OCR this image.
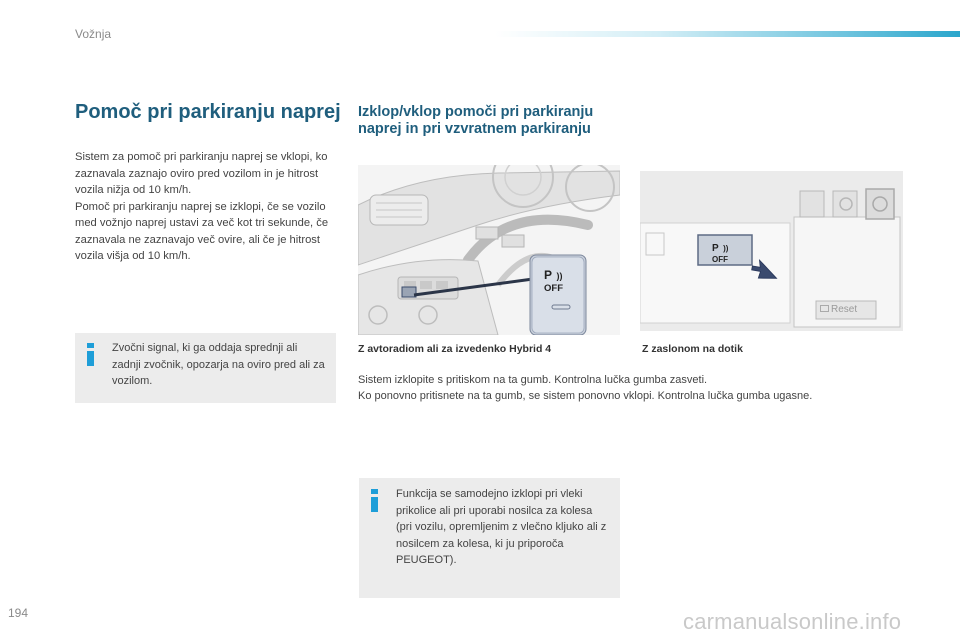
Vožnja
Pomoč pri parkiranju naprej

Sistem za pomoč pri parkiranju naprej se vklopi, ko zaznavala zaznajo oviro pred vozilom in je hitrost vozila nižja od 10 km/h.

Pomoč pri parkiranju naprej se izklopi, če se vozilo med vožnjo naprej ustavi za več kot tri sekunde, če zaznavala ne zaznavajo več ovire, ali če je hitrost vozila višja od 10 km/h.

Zvočni signal, ki ga oddaja sprednji ali zadnji zvočnik, opozarja na oviro pred ali za vozilom.
Izklop/vklop pomoči pri parkiranju naprej in pri vzvratnem parkiranju
P ))
OFF
P ))
OFF
Reset
Z avtoradiom ali za izvedenko Hybrid 4	Z zaslonom na dotik
Sistem izklopite s pritiskom na ta gumb. Kontrolna lučka gumba zasveti.
Ko ponovno pritisnete na ta gumb, se sistem ponovno vklopi. Kontrolna lučka gumba ugasne.
Funkcija se samodejno izklopi pri vleki prikolice ali pri uporabi nosilca za kolesa (pri vozilu, opremljenim z vlečno kljuko ali z nosilcem za kolesa, ki ju priporoča PEUGEOT).
194	carmanualsonline.info
